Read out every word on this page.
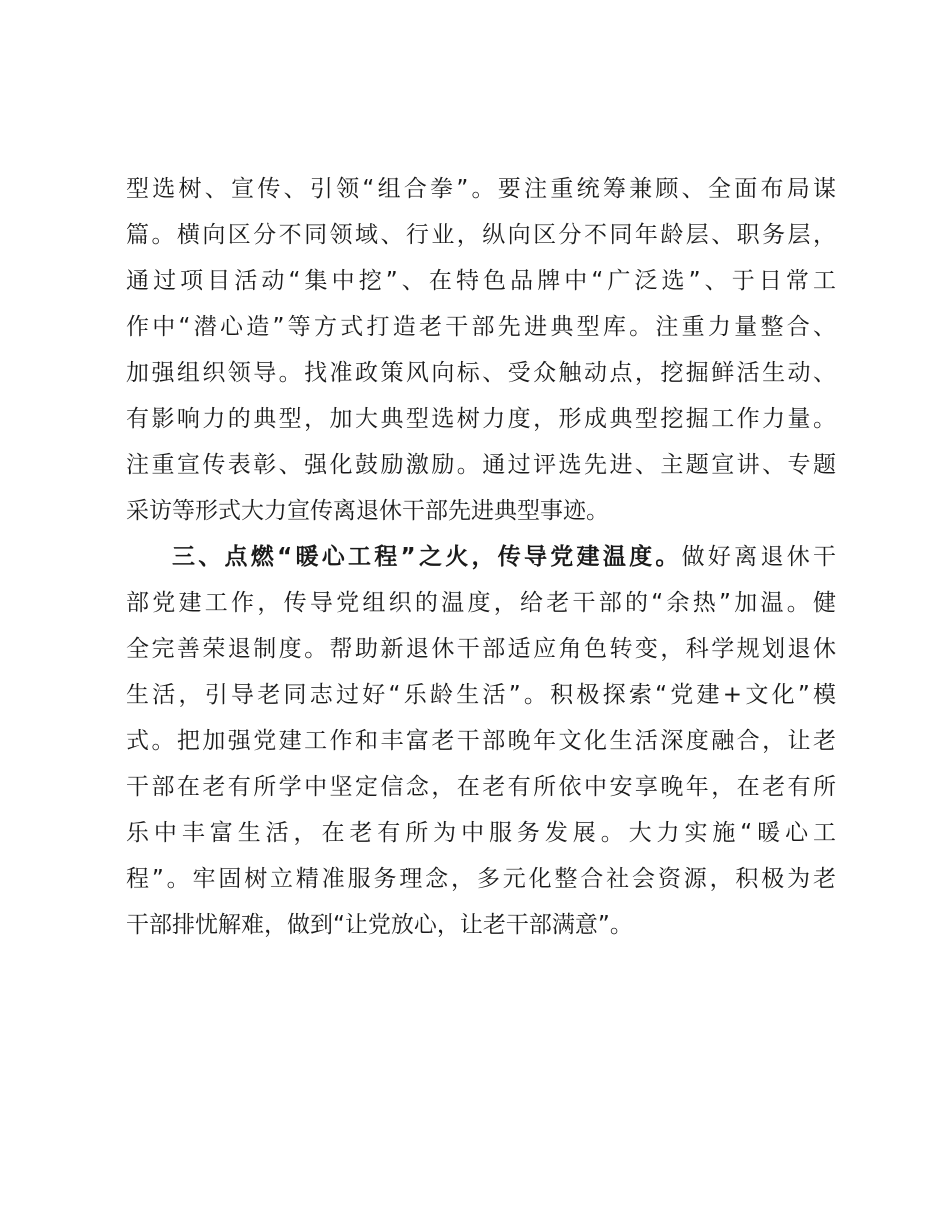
型选树、宣传、引领“组合拳”。要注重统筹兼顾、全面布局谋
篇。横向区分不同领域、行业，纵向区分不同年龄层、职务层，
通过项目活动“集中挖”、在特色品牌中“广泛选”、于日常工
作中“潜心造”等方式打造老干部先进典型库。注重力量整合、
加强组织领导。找准政策风向标、受众触动点，挖掘鲜活生动、
有影响力的典型，加大典型选树力度，形成典型挖掘工作力量。
注重宣传表彰、强化鼓励激励。通过评选先进、主题宣讲、专题
采访等形式大力宣传离退休干部先进典型事迹。
三、点燃“暖心工程”之火，传导党建温度。做好离退休干
部党建工作，传导党组织的温度，给老干部的“余热”加温。健
全完善荣退制度。帮助新退休干部适应角色转变，科学规划退休
生活，引导老同志过好“乐龄生活”。积极探索“党建+文化”模
式。把加强党建工作和丰富老干部晚年文化生活深度融合，让老
干部在老有所学中坚定信念，在老有所依中安享晚年，在老有所
乐中丰富生活，在老有所为中服务发展。大力实施“暖心工
程”。牢固树立精准服务理念，多元化整合社会资源，积极为老
干部排忧解难，做到“让党放心，让老干部满意”。
